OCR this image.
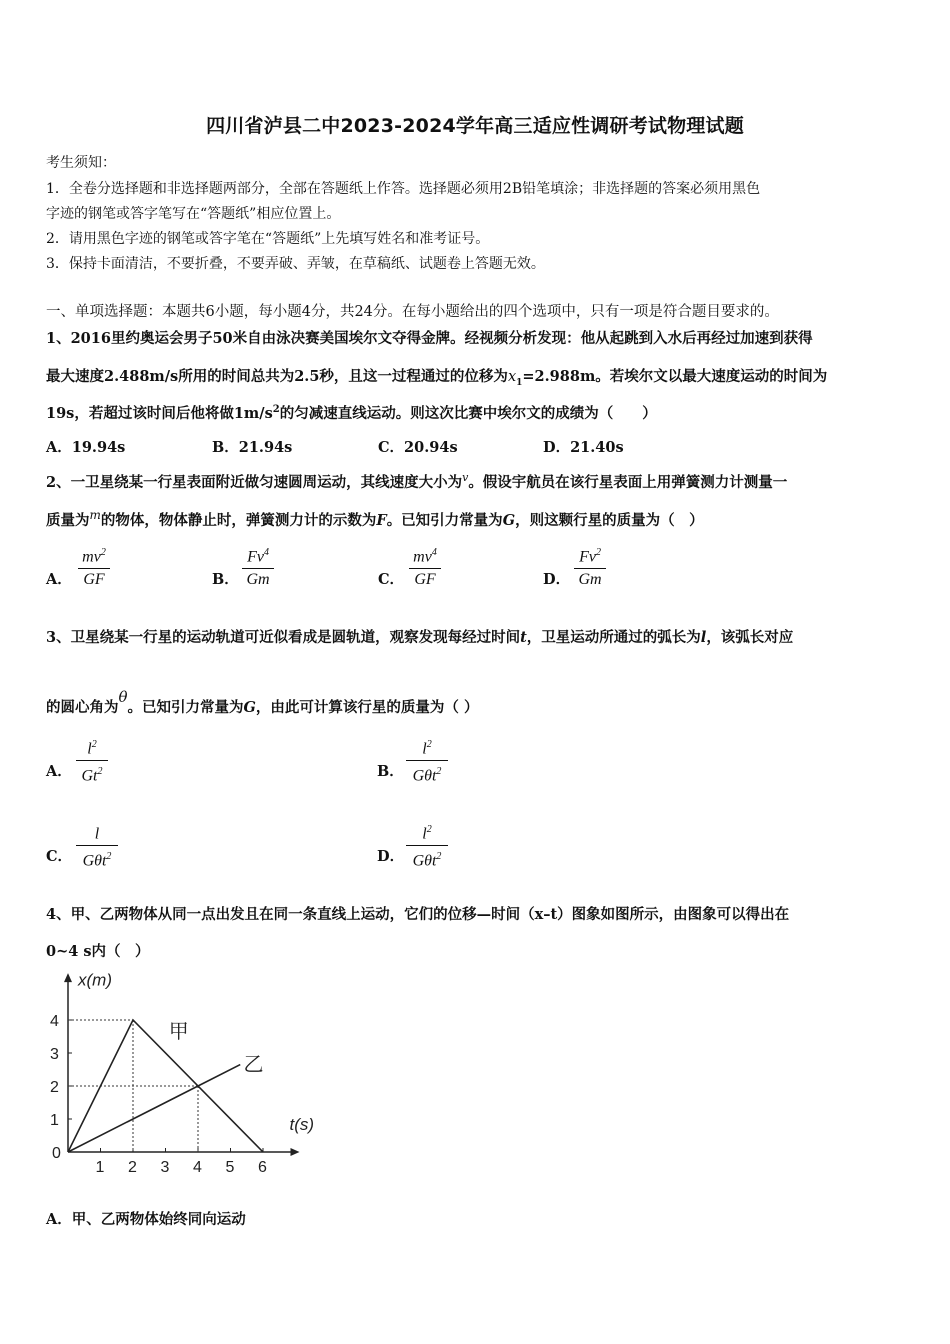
四川省泸县二中2023-2024学年高三适应性调研考试物理试题
考生须知：
1．全卷分选择题和非选择题两部分，全部在答题纸上作答。选择题必须用2B铅笔填涂；非选择题的答案必须用黑色
字迹的钢笔或答字笔写在“答题纸”相应位置上。
2．请用黑色字迹的钢笔或答字笔在“答题纸”上先填写姓名和准考证号。
3．保持卡面清洁，不要折叠，不要弄破、弄皱，在草稿纸、试题卷上答题无效。
一、单项选择题：本题共6小题，每小题4分，共24分。在每小题给出的四个选项中，只有一项是符合题目要求的。
1、2016里约奥运会男子50米自由泳决赛美国埃尔文夺得金牌。经视频分析发现：他从起跳到入水后再经过加速到获得
最大速度2.488m/s所用的时间总共为2.5秒，且这一过程通过的位移为$x_1=2.988m$。若埃尔文以最大速度运动的时间为
19s，若超过该时间后他将做$1m/s^2$的匀减速直线运动。则这次比赛中埃尔文的成绩为（　　）
A．19.94s	B．21.94s	C．20.94s	D．21.40s
2、一卫星绕某一行星表面附近做匀速圆周运动，其线速度大小为$^v$。假设宇航员在该行星表面上用弹簧测力计测量一
质量为$^m$的物体，物体静止时，弹簧测力计的示数为F。已知引力常量为G，则这颗行星的质量为（　）
A．
$mv^2$
GF	B．
Fv$^4$
Gm	C．
$mv^4$
GF	D．
Fv$^2$
Gm
3、卫星绕某一行星的运动轨道可近似看成是圆轨道，观察发现每经过时间t，卫星运动所通过的弧长为l，该弧长对应
的圆心角为θ。已知引力常量为G，由此可计算该行星的质量为（ ）
A．
$l^2$
Gt$^2$	B．
$l^2$
Gθt$^2$
C．
l
Gθt$^2$	D．
$l^2$
Gθt$^2$
4、甲、乙两物体从同一点出发且在同一条直线上运动，它们的位移—时间（x–t）图象如图所示，由图象可以得出在
0~4 s内（　）
x(m)
t(s)
0
1 2 3 4 5 6
1
2
3
4	甲
乙
A．甲、乙两物体始终同向运动
